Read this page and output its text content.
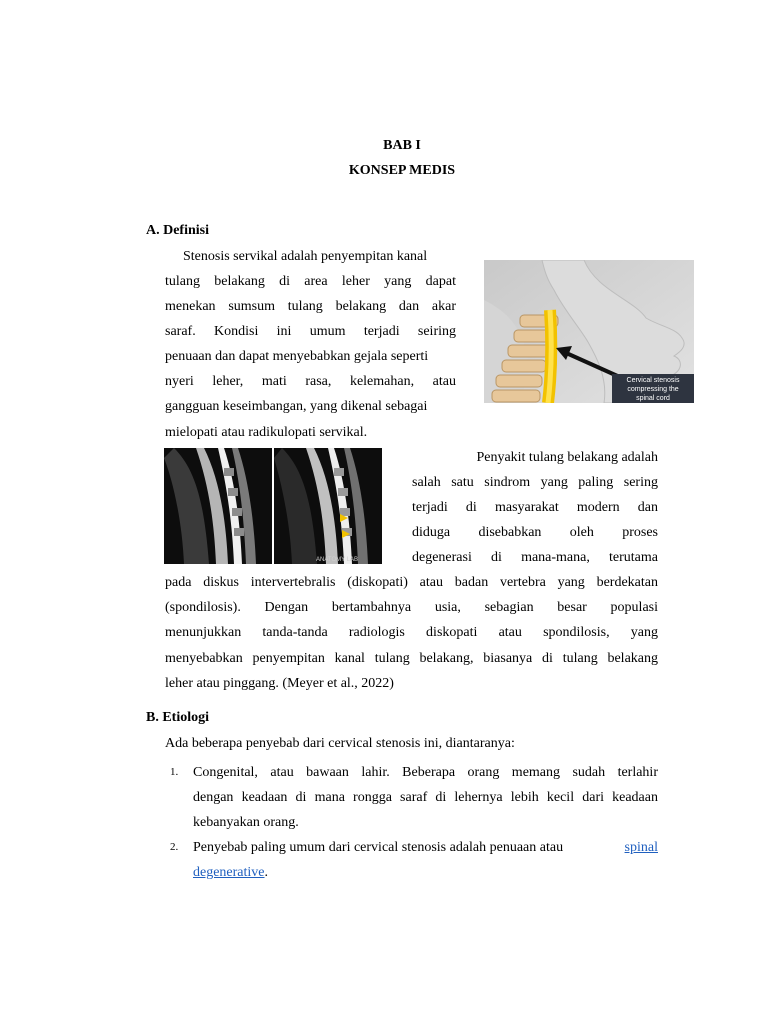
BAB I
KONSEP MEDIS
A. Definisi
Stenosis servikal adalah penyempitan kanal
tulang belakang di area leher yang dapat
menekan sumsum tulang belakang dan akar
saraf. Kondisi ini umum terjadi seiring
penuaan dan dapat menyebabkan gejala seperti
nyeri leher, mati rasa, kelemahan, atau
gangguan keseimbangan, yang dikenal sebagai
mielopati atau radikulopati servikal.
Cervical stenosis
compressing the
spinal cord
ANATOMY LAB
Penyakit tulang belakang adalah
salah satu sindrom yang paling sering
terjadi di masyarakat modern dan
diduga disebabkan oleh proses
degenerasi di mana-mana, terutama
pada diskus intervertebralis (diskopati) atau badan vertebra yang berdekatan
(spondilosis). Dengan bertambahnya usia, sebagian besar populasi
menunjukkan tanda-tanda radiologis diskopati atau spondilosis, yang
menyebabkan penyempitan kanal tulang belakang, biasanya di tulang belakang
leher atau pinggang. (Meyer et al., 2022)
B. Etiologi
Ada beberapa penyebab dari cervical stenosis ini, diantaranya:
1. Congenital, atau bawaan lahir. Beberapa orang memang sudah terlahir
dengan keadaan di mana rongga saraf di lehernya lebih kecil dari keadaan
kebanyakan orang.
2. Penyebab paling umum dari cervical stenosis adalah penuaan atau	spinal
degenerative.
